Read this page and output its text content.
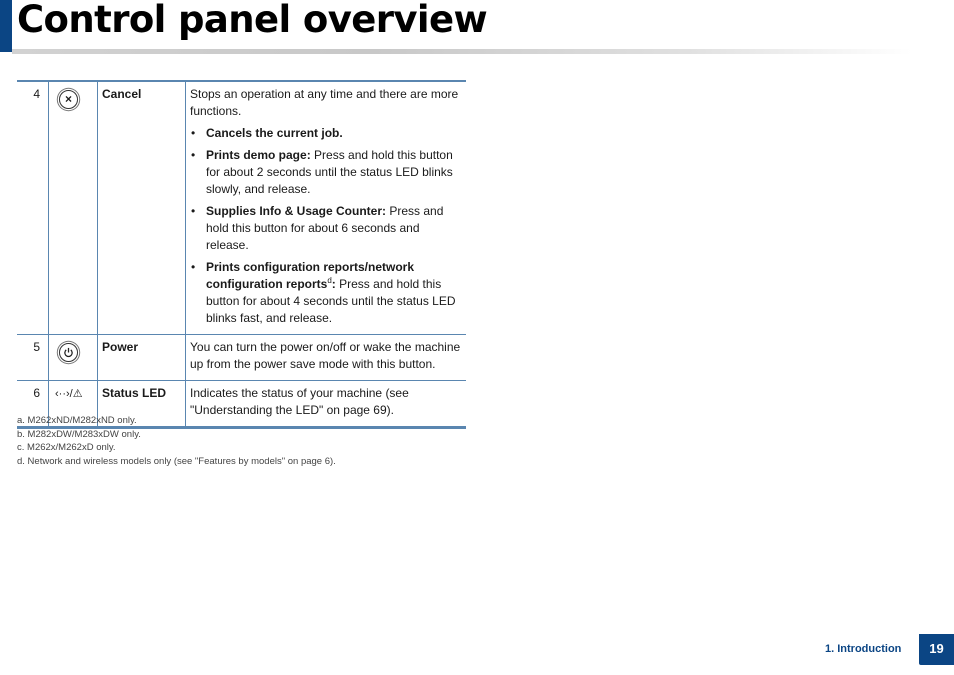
Control panel overview
4	×	Cancel	Stops an operation at any time and there are more functions.
• Cancels the current job.
• Prints demo page: Press and hold this button for about 2 seconds until the status LED blinks slowly, and release.
• Supplies Info & Usage Counter: Press and hold this button for about 6 seconds and release.
• Prints configuration reports/network configuration reports$^d$: Press and hold this button for about 4 seconds until the status LED blinks fast, and release.

5		Power	You can turn the power on/off or wake the machine up from the power save mode with this button.
6	‹··›/⚠	Status LED	Indicates the status of your machine (see "Understanding the LED" on page 69).
a. M262xND/M282xND only.
b. M282xDW/M283xDW only.
c. M262x/M262xD only.
d. Network and wireless models only (see "Features by models" on page 6).
1. Introduction	19
